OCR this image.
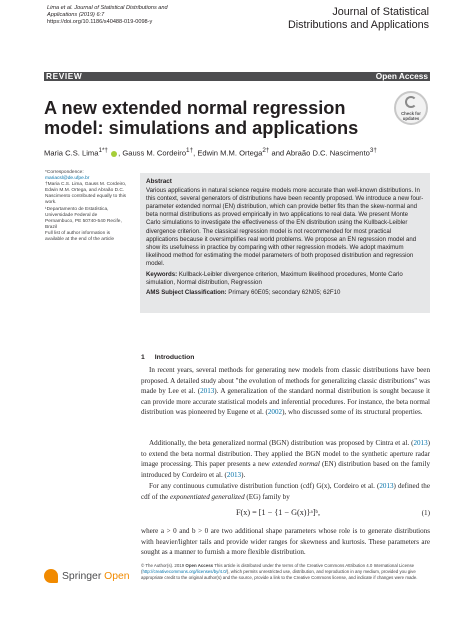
Lima et al. Journal of Statistical Distributions and
Applications (2019) 6:7
https://doi.org/10.1186/s40488-019-0098-y
Journal of Statistical
Distributions and Applications
REVIEW	Open Access
A new extended normal regression model: simulations and applications
Check for
updates
Maria C.S. Lima$^{1*\dagger}$ , Gauss M. Cordeiro$^{1\dagger}$, Edwin M.M. Ortega$^{2\dagger}$ and Abraão D.C. Nascimento$^{3\dagger}$
*Correspondence:
mariacsl@de.ufpe.br
†Maria C.S. Lima, Gauss M. Cordeiro, Edwin M.M. Ortega, and Abraão D.C. Nascimento contributed equally to this work.
¹Departamento de Estatística, Universidade Federal de Pernambuco, PE 50740-540 Recife, Brazil
Full list of author information is available at the end of the article
Abstract
Various applications in natural science require models more accurate than well-known distributions. In this context, several generators of distributions have been recently proposed. We introduce a new four-parameter extended normal (EN) distribution, which can provide better fits than the skew-normal and beta normal distributions as proved empirically in two applications to real data. We present Monte Carlo simulations to investigate the effectiveness of the EN distribution using the Kullback-Leibler divergence criterion. The classical regression model is not recommended for most practical applications because it oversimplifies real world problems. We propose an EN regression model and show its usefulness in practice by comparing with other regression models. We adopt maximum likelihood method for estimating the model parameters of both proposed distribution and regression model.
Keywords: Kullback-Leibler divergence criterion, Maximum likelihood procedures, Monte Carlo simulation, Normal distribution, Regression
AMS Subject Classification: Primary 60E05; secondary 62N05; 62F10
1 Introduction

In recent years, several methods for generating new models from classic distributions have been proposed. A detailed study about "the evolution of methods for generalizing classic distributions" was made by Lee et al. (2013). A generalization of the standard normal distribution is sought because it can provide more accurate statistical models and inferential procedures. For instance, the beta normal distribution was pioneered by Eugene et al. (2002), who discussed some of its structural properties.

Additionally, the beta generalized normal (BGN) distribution was proposed by Cintra et al. (2013) to extend the beta normal distribution. They applied the BGN model to the synthetic aperture radar image processing. This paper presents a new extended normal (EN) distribution based on the family introduced by Cordeiro et al. (2013).

For any continuous cumulative distribution function (cdf) G(x), Cordeiro et al. (2013) defined the cdf of the exponentiated generalized (EG) family by

F(x) = [1 − {1 − G(x)}ᵃ]ᵇ,	(1)

where a > 0 and b > 0 are two additional shape parameters whose role is to generate distributions with heavier/lighter tails and provide wider ranges for skewness and kurtosis. These parameters are sought as a manner to furnish a more flexible distribution.

Springer Open
© The Author(s). 2019 Open Access This article is distributed under the terms of the Creative Commons Attribution 4.0 International License (http://creativecommons.org/licenses/by/4.0/), which permits unrestricted use, distribution, and reproduction in any medium, provided you give appropriate credit to the original author(s) and the source, provide a link to the Creative Commons license, and indicate if changes were made.
